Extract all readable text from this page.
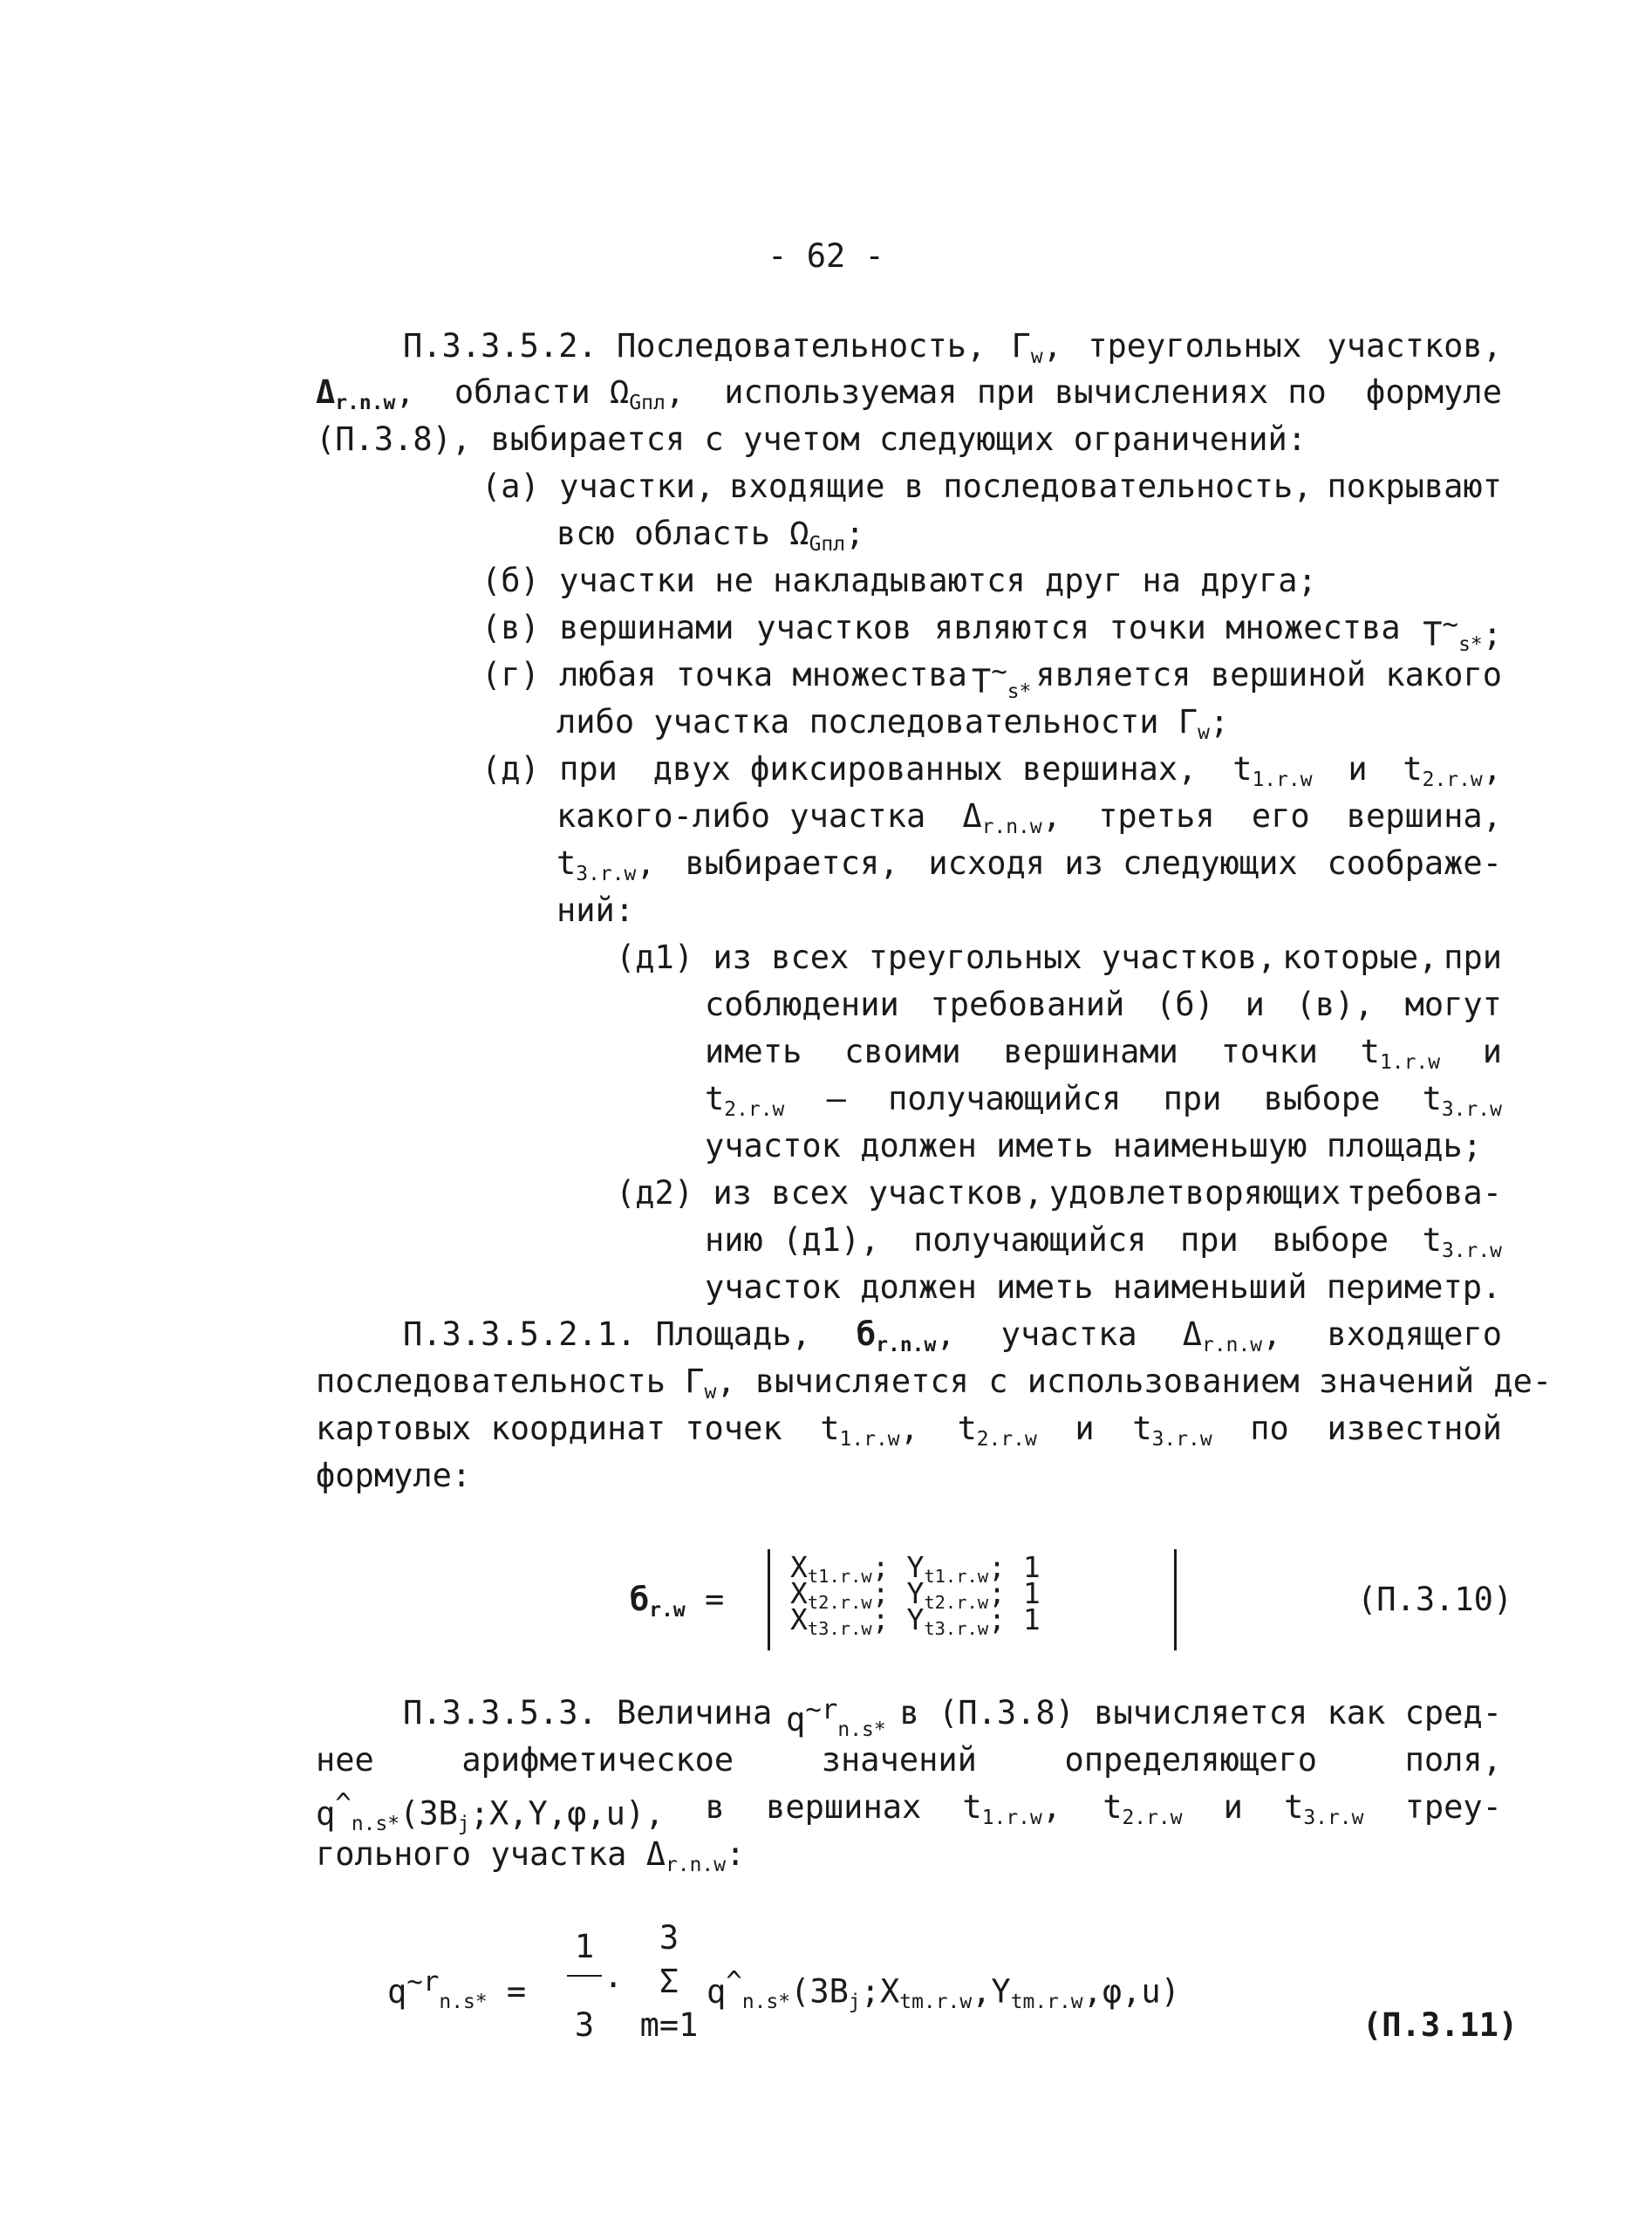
- 62 -
П.3.3.5.2. Последовательность, $Г_w$, треугольных участков,
$\Delta_{r.n.w}$, области $\Omega_{Gпл}$, используемая при вычислениях по формуле
(П.3.8), выбирается с учетом следующих ограничений:
(а) участки, входящие в последовательность, покрывают
всю область $\Omega_{Gпл}$;
(б) участки не накладываются друг на друга;
(в) вершинами участков являются точки множества $T^\sim_{s*}$;
(г) любая точка множества $T^\sim_{s*}$ является вершиной какого
либо участка последовательности $Г_w$;
(д) при двух фиксированных вершинах, $t_{1.r.w}$ и $t_{2.r.w}$,
какого-либо участка $\Delta_{r.n.w}$, третья его вершина,
$t_{3.r.w}$, выбирается, исходя из следующих соображе-
ний:
(д1) из всех треугольных участков, которые, при
соблюдении требований (б) и (в), могут
иметь своими вершинами точки $t_{1.r.w}$ и
$t_{2.r.w}$ – получающийся при выборе $t_{3.r.w}$
участок должен иметь наименьшую площадь;
(д2) из всех участков, удовлетворяющих требова-
нию (д1), получающийся при выборе $t_{3.r.w}$
участок должен иметь наименьший периметр.
П.3.3.5.2.1. Площадь, $б_{r.n.w}$, участка $\Delta_{r.n.w}$, входящего
последовательность $Г_w$, вычисляется с использованием значений де-
картовых координат точек $t_{1.r.w}$, $t_{2.r.w}$ и $t_{3.r.w}$ по известной
формуле:
$б_{r.w}$ =
$X_{t1.r.w}$; $Y_{t1.r.w}$; 1
$X_{t2.r.w}$; $Y_{t2.r.w}$; 1
$X_{t3.r.w}$; $Y_{t3.r.w}$; 1
(П.3.10)
П.3.3.5.3. Величина $q^{\sim r}_{n.s*}$ в (П.3.8) вычисляется как сред-
нее	арифметическое	значений	определяющего	поля,
$q^{\^{}}_{n.s*}(ЗB_j;X,Y,\varphi,u)$, в вершинах $t_{1.r.w}$, $t_{2.r.w}$ и $t_{3.r.w}$ треу-
гольного участка $\Delta_{r.n.w}$:
$q^{\sim r}_{n.s*}$ =
1
3
·
3
Σ
m=1
$q^{\^{}}_{n.s*}(ЗB_j;X_{tm.r.w},Y_{tm.r.w},\varphi,u)$
(П.3.11)
